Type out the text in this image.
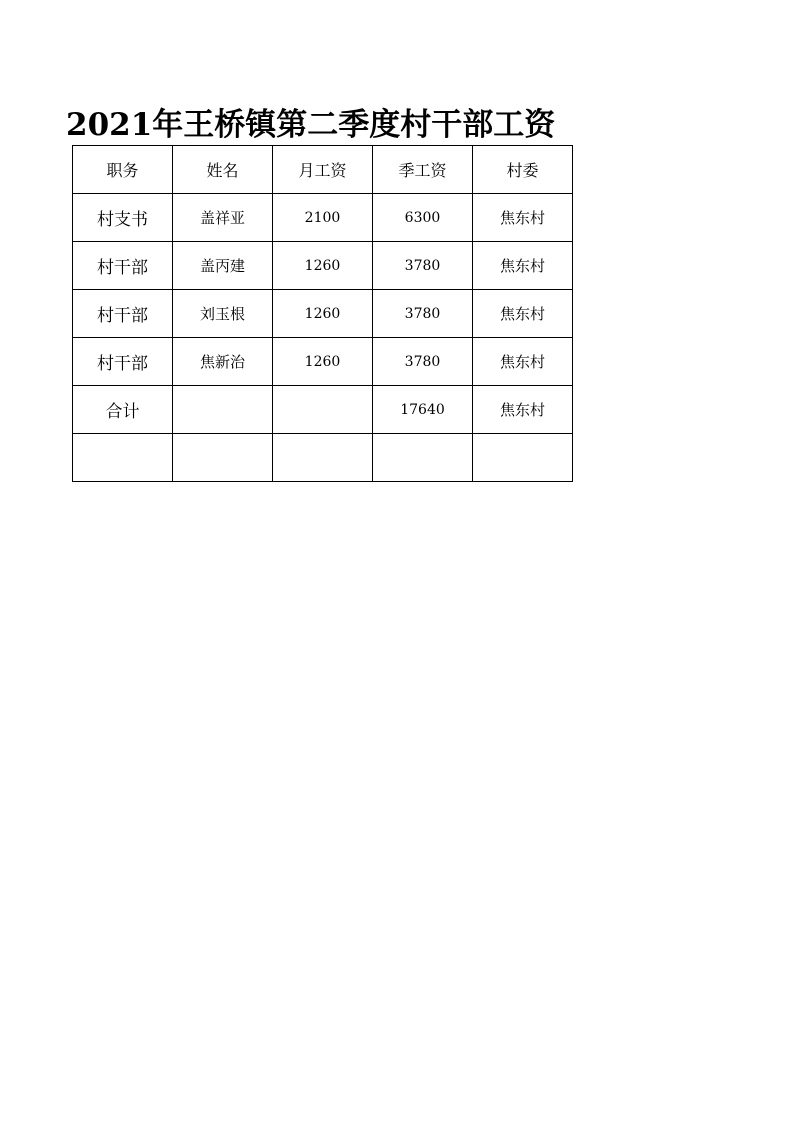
2021年王桥镇第二季度村干部工资
职务	姓名	月工资	季工资	村委
村支书	盖祥亚	2100	6300	焦东村
村干部	盖丙建	1260	3780	焦东村
村干部	刘玉根	1260	3780	焦东村
村干部	焦新治	1260	3780	焦东村
合计			17640	焦东村
